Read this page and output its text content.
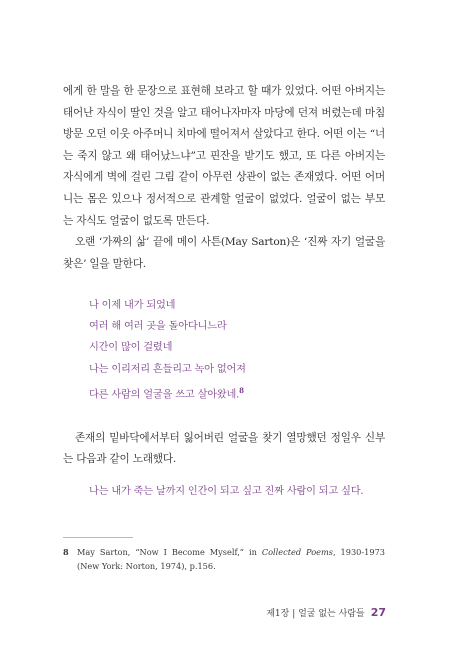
에게 한 말을 한 문장으로 표현해 보라고 할 때가 있었다. 어떤 아버지는 태어난 자식이 딸인 것을 알고 태어나자마자 마당에 던져 버렸는데 마침 방문 오던 이웃 아주머니 치마에 떨어져서 살았다고 한다. 어떤 이는 “너는 죽지 않고 왜 태어났느냐”고 핀잔을 받기도 했고, 또 다른 아버지는 자식에게 벽에 걸린 그림 같이 아무런 상관이 없는 존재였다. 어떤 어머니는 몸은 있으나 정서적으로 관계할 얼굴이 없었다. 얼굴이 없는 부모는 자식도 얼굴이 없도록 만든다.

오랜 ‘가짜의 삶’ 끝에 메이 사튼(May Sarton)은 ‘진짜 자기 얼굴을 찾은’ 일을 말한다.

나 이제 내가 되었네
여러 해 여러 곳을 돌아다니느라
시간이 많이 걸렸네
나는 이리저리 흔들리고 녹아 없어져
다른 사람의 얼굴을 쓰고 살아왔네.$^8$

존재의 밑바닥에서부터 잃어버린 얼굴을 찾기 열망했던 정일우 신부는 다음과 같이 노래했다.

나는 내가 죽는 날까지 인간이 되고 싶고 진짜 사람이 되고 싶다.
8 May Sarton, “Now I Become Myself,” in Collected Poems, 1930-1973 (New York: Norton, 1974), p.156.
제1장 | 얼굴 없는 사람들 27
